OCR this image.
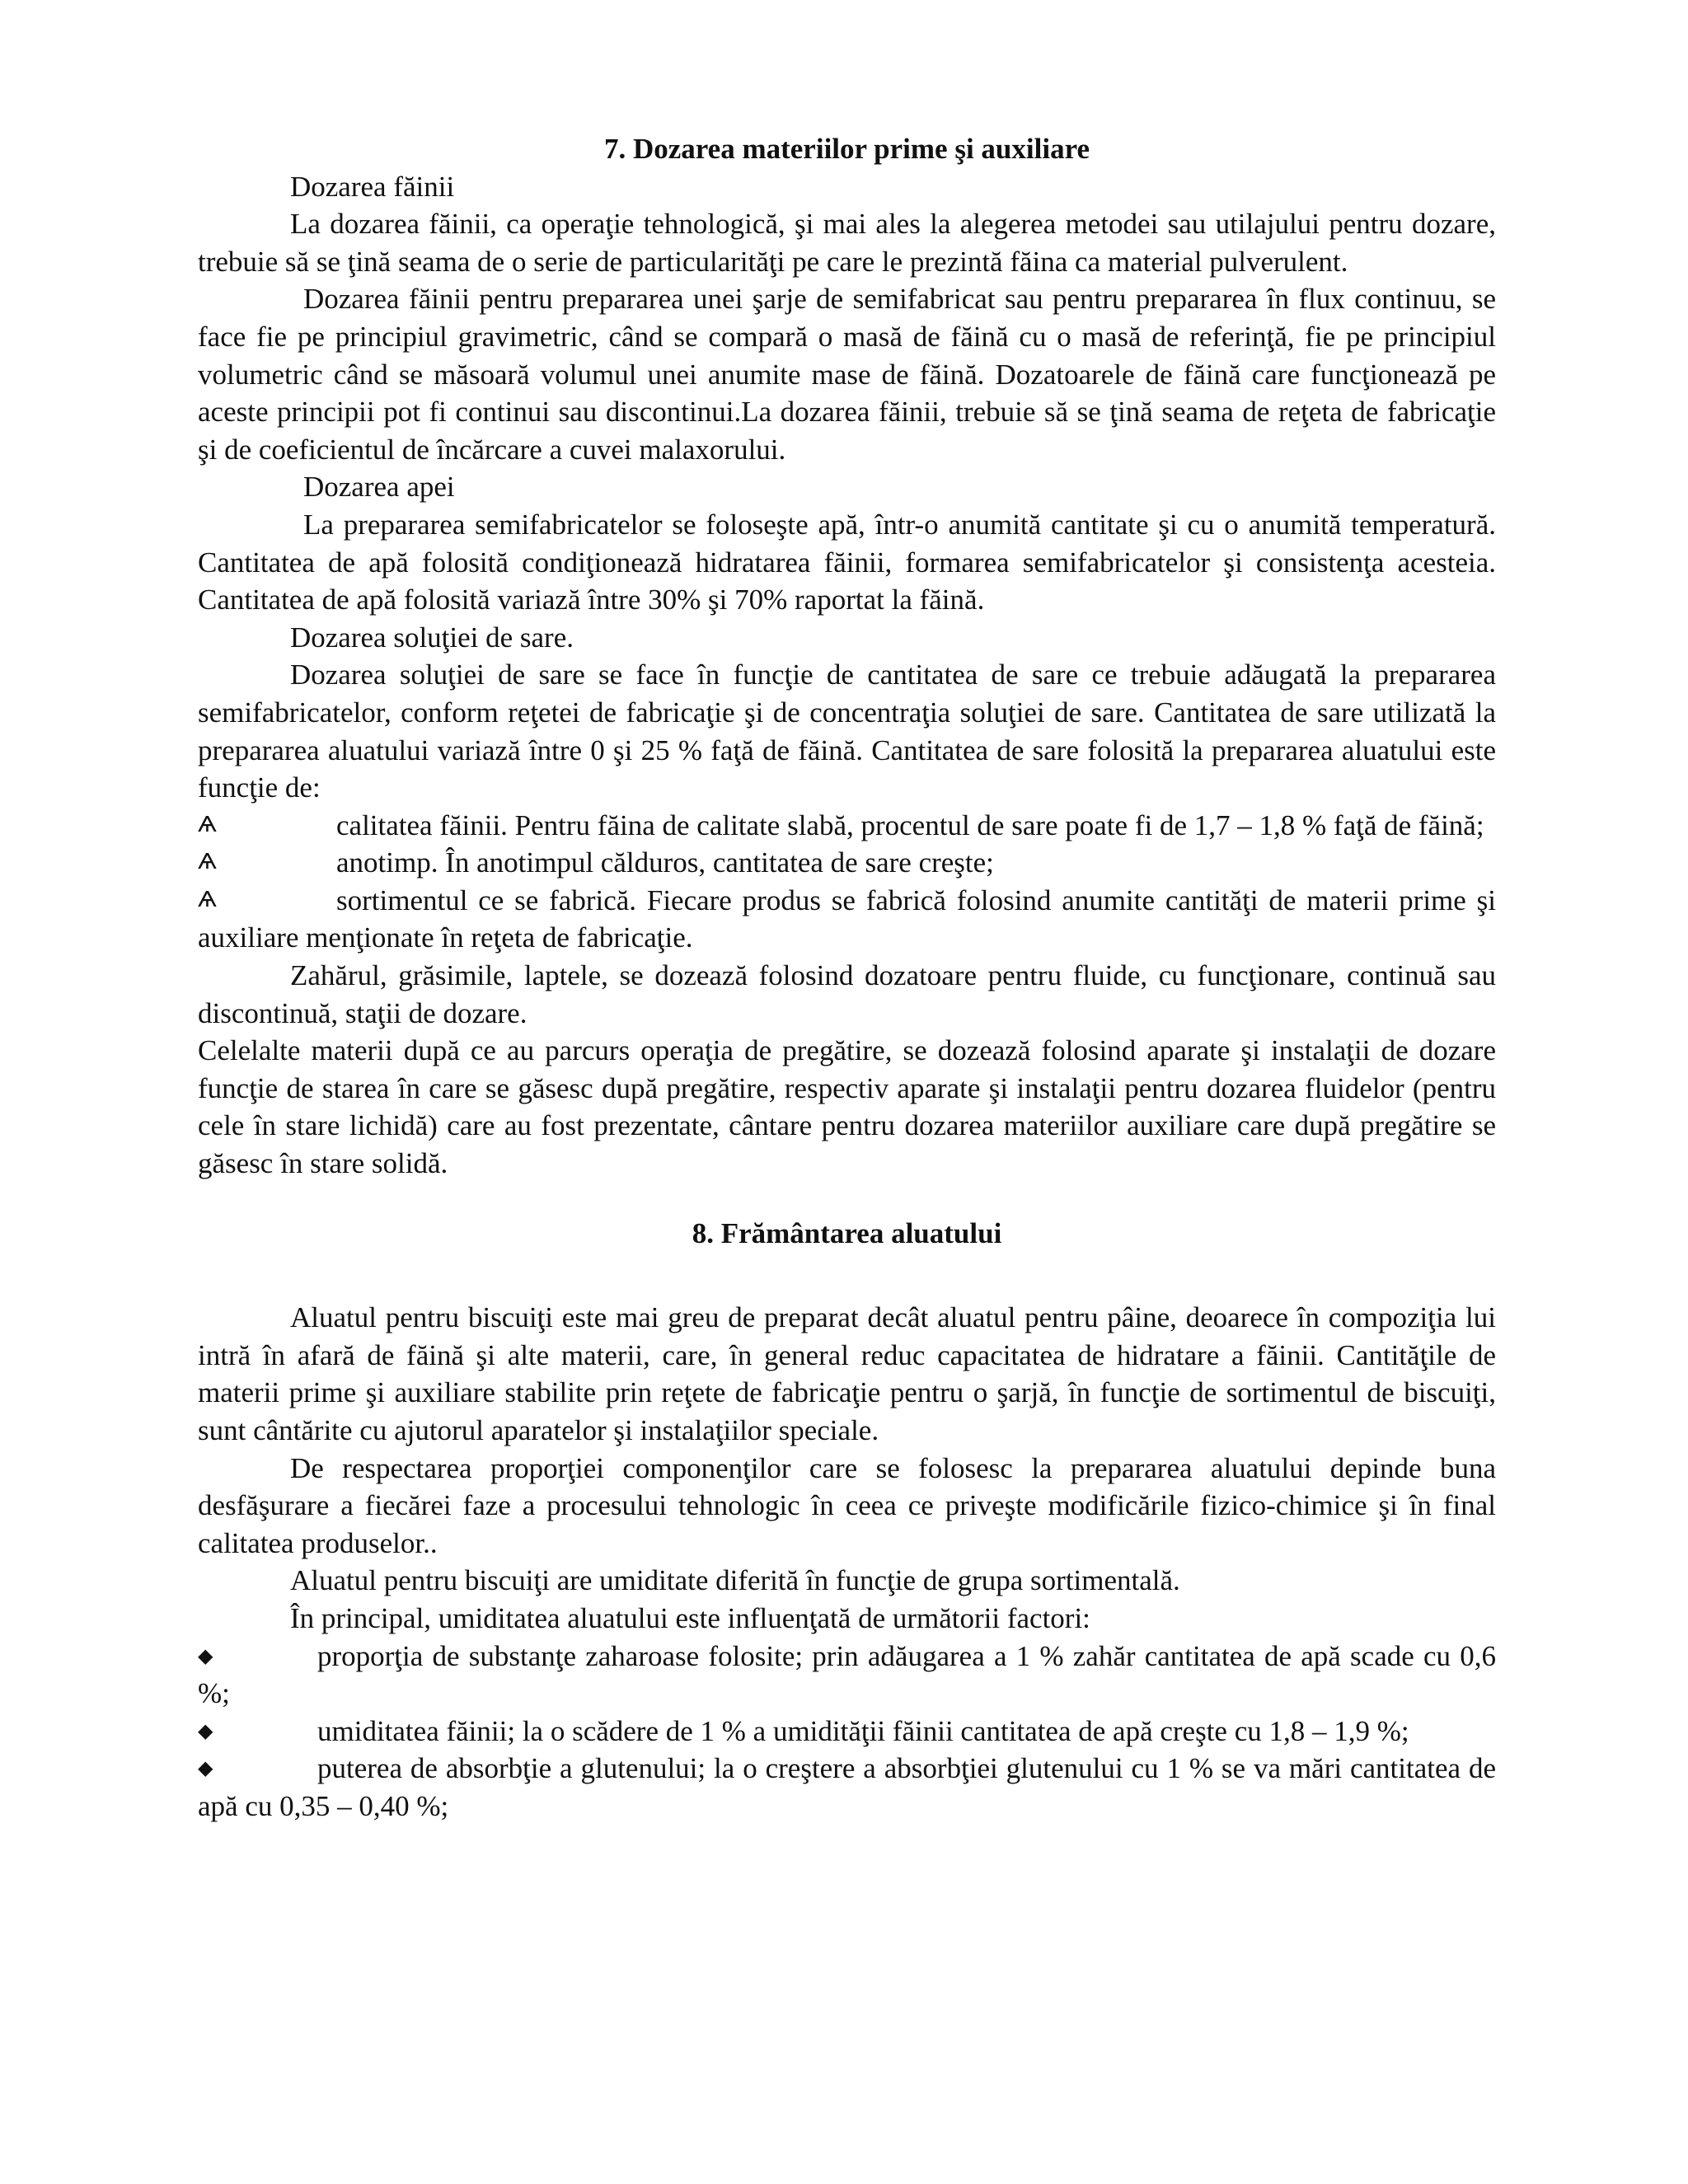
7. Dozarea materiilor prime şi auxiliare

Dozarea făinii

La dozarea făinii, ca operaţie tehnologică, şi mai ales la alegerea metodei sau utilajului pentru dozare, trebuie să se ţină seama de o serie de particularităţi pe care le prezintă făina ca material pulverulent.

Dozarea făinii pentru prepararea unei şarje de semifabricat sau pentru prepararea în flux continuu, se face fie pe principiul gravimetric, când se compară o masă de făină cu o masă de referinţă, fie pe principiul volumetric când se măsoară volumul unei anumite mase de făină. Dozatoarele de făină care funcţionează pe aceste principii pot fi continui sau discontinui.La dozarea făinii, trebuie să se ţină seama de reţeta de fabricaţie şi de coeficientul de încărcare a cuvei malaxorului.

Dozarea apei

La prepararea semifabricatelor se foloseşte apă, într-o anumită cantitate şi cu o anumită temperatură. Cantitatea de apă folosită condiţionează hidratarea făinii, formarea semifabricatelor şi consistenţa acesteia. Cantitatea de apă folosită variază între 30% şi 70% raportat la făină.

Dozarea soluţiei de sare.

Dozarea soluţiei de sare se face în funcţie de cantitatea de sare ce trebuie adăugată la prepararea semifabricatelor, conform reţetei de fabricaţie şi de concentraţia soluţiei de sare. Cantitatea de sare utilizată la prepararea aluatului variază între 0 şi 25 % faţă de făină. Cantitatea de sare folosită la prepararea aluatului este funcţie de:

Ѧ	calitatea făinii. Pentru făina de calitate slabă, procentul de sare poate fi de 1,7 – 1,8 % faţă de făină;

Ѧ	anotimp. În anotimpul călduros, cantitatea de sare creşte;

Ѧ	sortimentul ce se fabrică. Fiecare produs se fabrică folosind anumite cantităţi de materii prime şi auxiliare menţionate în reţeta de fabricaţie.

Zahărul, grăsimile, laptele, se dozează folosind dozatoare pentru fluide, cu funcţionare, continuă sau discontinuă, staţii de dozare.

Celelalte materii după ce au parcurs operaţia de pregătire, se dozează folosind aparate şi instalaţii de dozare funcţie de starea în care se găsesc după pregătire, respectiv aparate şi instalaţii pentru dozarea fluidelor (pentru cele în stare lichidă) care au fost prezentate, cântare pentru dozarea materiilor auxiliare care după pregătire se găsesc în stare solidă.

8. Frământarea aluatului

Aluatul pentru biscuiţi este mai greu de preparat decât aluatul pentru pâine, deoarece în compoziţia lui intră în afară de făină şi alte materii, care, în general reduc capacitatea de hidratare a făinii. Cantităţile de materii prime şi auxiliare stabilite prin reţete de fabricaţie pentru o şarjă, în funcţie de sortimentul de biscuiţi, sunt cântărite cu ajutorul aparatelor şi instalaţiilor speciale.

De respectarea proporţiei componenţilor care se folosesc la prepararea aluatului depinde buna desfăşurare a fiecărei faze a procesului tehnologic în ceea ce priveşte modificările fizico-chimice şi în final calitatea produselor..

Aluatul pentru biscuiţi are umiditate diferită în funcţie de grupa sortimentală.

În principal, umiditatea aluatului este influenţată de următorii factori:

◆	proporţia de substanţe zaharoase folosite; prin adăugarea a 1 % zahăr cantitatea de apă scade cu 0,6 %;

◆	umiditatea făinii; la o scădere de 1 % a umidităţii făinii cantitatea de apă creşte cu 1,8 – 1,9 %;

◆	puterea de absorbţie a glutenului; la o creştere a absorbţiei glutenului cu 1 % se va mări cantitatea de apă cu 0,35 – 0,40 %;
